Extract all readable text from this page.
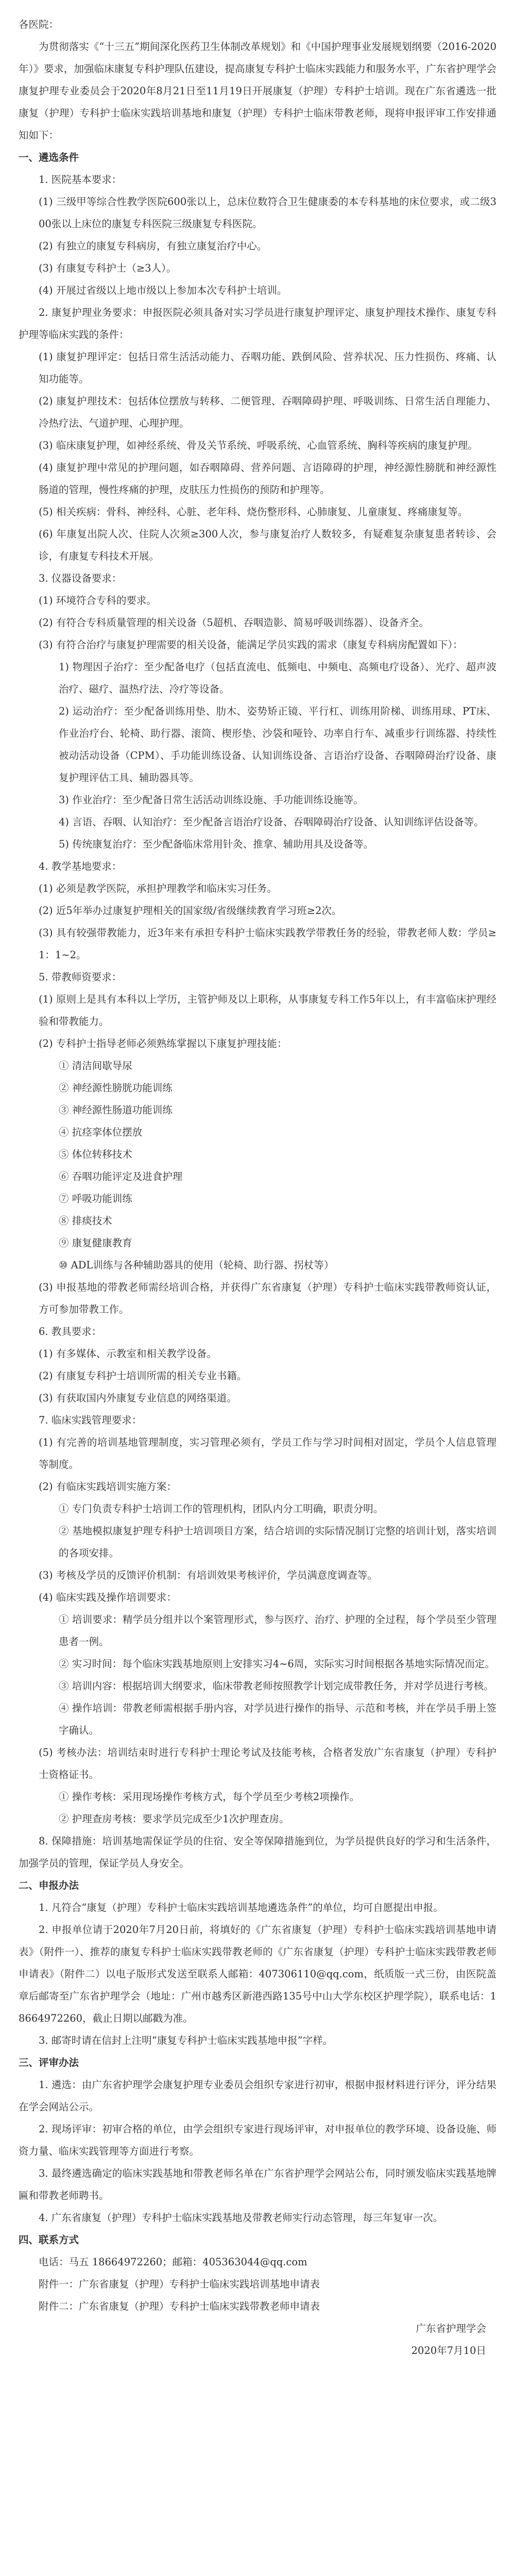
各医院：

为贯彻落实《“十三五”期间深化医药卫生体制改革规划》和《中国护理事业发展规划纲要（2016-2020年）》要求，加强临床康复专科护理队伍建设，提高康复专科护士临床实践能力和服务水平，广东省护理学会康复护理专业委员会于2020年8月21日至11月19日开展康复（护理）专科护士培训。现在广东省遴选一批康复（护理）专科护士临床实践培训基地和康复（护理）专科护士临床带教老师，现将申报评审工作安排通知如下：

一、遴选条件

1. 医院基本要求：

(1) 三级甲等综合性教学医院600张以上，总床位数符合卫生健康委的本专科基地的床位要求，或二级300张以上床位的康复专科医院三级康复专科医院。

(2) 有独立的康复专科病房，有独立康复治疗中心。

(3) 有康复专科护士（≥3人）。

(4) 开展过省级以上地市级以上参加本次专科护士培训。

2. 康复护理业务要求：申报医院必须具备对实习学员进行康复护理评定、康复护理技术操作、康复专科护理等临床实践的条件：

(1) 康复护理评定：包括日常生活活动能力、吞咽功能、跌倒风险、营养状况、压力性损伤、疼痛、认知功能等。

(2) 康复护理技术：包括体位摆放与转移、二便管理、吞咽障碍护理、呼吸训练、日常生活自理能力、冷热疗法、气道护理、心理护理。

(3) 临床康复护理，如神经系统、骨及关节系统、呼吸系统、心血管系统、胸科等疾病的康复护理。

(4) 康复护理中常见的护理问题，如吞咽障碍、营养问题、言语障碍的护理，神经源性膀胱和神经源性肠道的管理，慢性疼痛的护理，皮肤压力性损伤的预防和护理等。

(5) 相关疾病：骨科、神经科、心脏、老年科、烧伤整形科、心肺康复、儿童康复、疼痛康复等。

(6) 年康复出院人次、住院人次须≥300人次，参与康复治疗人数较多，有疑难复杂康复患者转诊、会诊，有康复专科技术开展。

3. 仪器设备要求：

(1) 环境符合专科的要求。

(2) 有符合专科质量管理的相关设备（5超机、吞咽造影、简易呼吸训练器）、设备齐全。

(3) 有符合治疗与康复护理需要的相关设备，能满足学员实践的需求（康复专科病房配置如下）：

1) 物理因子治疗：至少配备电疗（包括直流电、低频电、中频电、高频电疗设备）、光疗、超声波治疗、磁疗、温热疗法、冷疗等设备。

2) 运动治疗：至少配备训练用垫、肋木、姿势矫正镜、平行杠、训练用阶梯、训练用球、PT床、作业治疗台、轮椅、助行器、滚筒、楔形垫、沙袋和哑铃、功率自行车、减重步行训练器、持续性被动活动设备（CPM）、手功能训练设备、认知训练设备、言语治疗设备、吞咽障碍治疗设备、康复护理评估工具、辅助器具等。

3) 作业治疗：至少配备日常生活活动训练设施、手功能训练设施等。

4) 言语、吞咽、认知治疗：至少配备言语治疗设备、吞咽障碍治疗设备、认知训练评估设备等。

5) 传统康复治疗：至少配备临床常用针灸、推拿、辅助用具及设备等。

4. 教学基地要求：

(1) 必须是教学医院，承担护理教学和临床实习任务。

(2) 近5年举办过康复护理相关的国家级/省级继续教育学习班≥2次。

(3) 具有较强带教能力，近3年来有承担专科护士临床实践教学带教任务的经验，带教老师人数：学员≥1：1~2。

5. 带教师资要求：

(1) 原则上是具有本科以上学历，主管护师及以上职称，从事康复专科工作5年以上，有丰富临床护理经验和带教能力。

(2) 专科护士指导老师必须熟练掌握以下康复护理技能：

① 清洁间歇导尿

② 神经源性膀胱功能训练

③ 神经源性肠道功能训练

④ 抗痉挛体位摆放

⑤ 体位转移技术

⑥ 吞咽功能评定及进食护理

⑦ 呼吸功能训练

⑧ 排痰技术

⑨ 康复健康教育

⑩ ADL训练与各种辅助器具的使用（轮椅、助行器、拐杖等）

(3) 申报基地的带教老师需经培训合格，并获得广东省康复（护理）专科护士临床实践带教师资认证，方可参加带教工作。

6. 教具要求：

(1) 有多媒体、示教室和相关教学设备。

(2) 有康复专科护士培训所需的相关专业书籍。

(3) 有获取国内外康复专业信息的网络渠道。

7. 临床实践管理要求：

(1) 有完善的培训基地管理制度，实习管理必须有，学员工作与学习时间相对固定，学员个人信息管理等制度。

(2) 有临床实践培训实施方案：

① 专门负责专科护士培训工作的管理机构，团队内分工明确，职责分明。

② 基地模拟康复护理专科护士培训项目方案，结合培训的实际情况制订完整的培训计划，落实培训的各项安排。

(3) 考核及学员的反馈评价机制：有培训效果考核评价，学员满意度调查等。

(4) 临床实践及操作培训要求：

① 培训要求：精学员分组并以个案管理形式，参与医疗、治疗、护理的全过程，每个学员至少管理患者一例。

② 实习时间：每个临床实践基地原则上安排实习4~6周，实际实习时间根据各基地实际情况而定。

③ 培训内容：根据培训大纲要求，临床带教老师按照教学计划完成带教任务，并对学员进行考核。

④ 操作培训：带教老师需根据手册内容，对学员进行操作的指导、示范和考核，并在学员手册上签字确认。

(5) 考核办法：培训结束时进行专科护士理论考试及技能考核，合格者发放广东省康复（护理）专科护士资格证书。

① 操作考核：采用现场操作考核方式，每个学员至少考核2项操作。

② 护理查房考核：要求学员完成至少1次护理查房。

8. 保障措施：培训基地需保证学员的住宿、安全等保障措施到位，为学员提供良好的学习和生活条件，加强学员的管理，保证学员人身安全。

二、申报办法

1. 凡符合“康复（护理）专科护士临床实践培训基地遴选条件”的单位，均可自愿提出申报。

2. 申报单位请于2020年7月20日前，将填好的《广东省康复（护理）专科护士临床实践培训基地申请表》（附件一）、推荐的康复专科护士临床实践带教老师的《广东省康复（护理）专科护士临床实践带教老师申请表》（附件二）以电子版形式发送至联系人邮箱：407306110@qq.com，纸质版一式三份，由医院盖章后邮寄至广东省护理学会（地址：广州市越秀区新港西路135号中山大学东校区护理学院），联系电话：18664972260，截止日期以邮戳为准。

3. 邮寄时请在信封上注明“康复专科护士临床实践基地申报”字样。

三、评审办法

1. 遴选：由广东省护理学会康复护理专业委员会组织专家进行初审，根据申报材料进行评分，评分结果在学会网站公示。

2. 现场评审：初审合格的单位，由学会组织专家进行现场评审，对申报单位的教学环境、设备设施、师资力量、临床实践管理等方面进行考察。

3. 最终遴选确定的临床实践基地和带教老师名单在广东省护理学会网站公布，同时颁发临床实践基地牌匾和带教老师聘书。

4. 广东省康复（护理）专科护士临床实践基地及带教老师实行动态管理，每三年复审一次。

四、联系方式

电话：马五 18664972260；邮箱：405363044@qq.com

附件一：广东省康复（护理）专科护士临床实践培训基地申请表

附件二：广东省康复（护理）专科护士临床实践带教老师申请表

广东省护理学会

2020年7月10日
